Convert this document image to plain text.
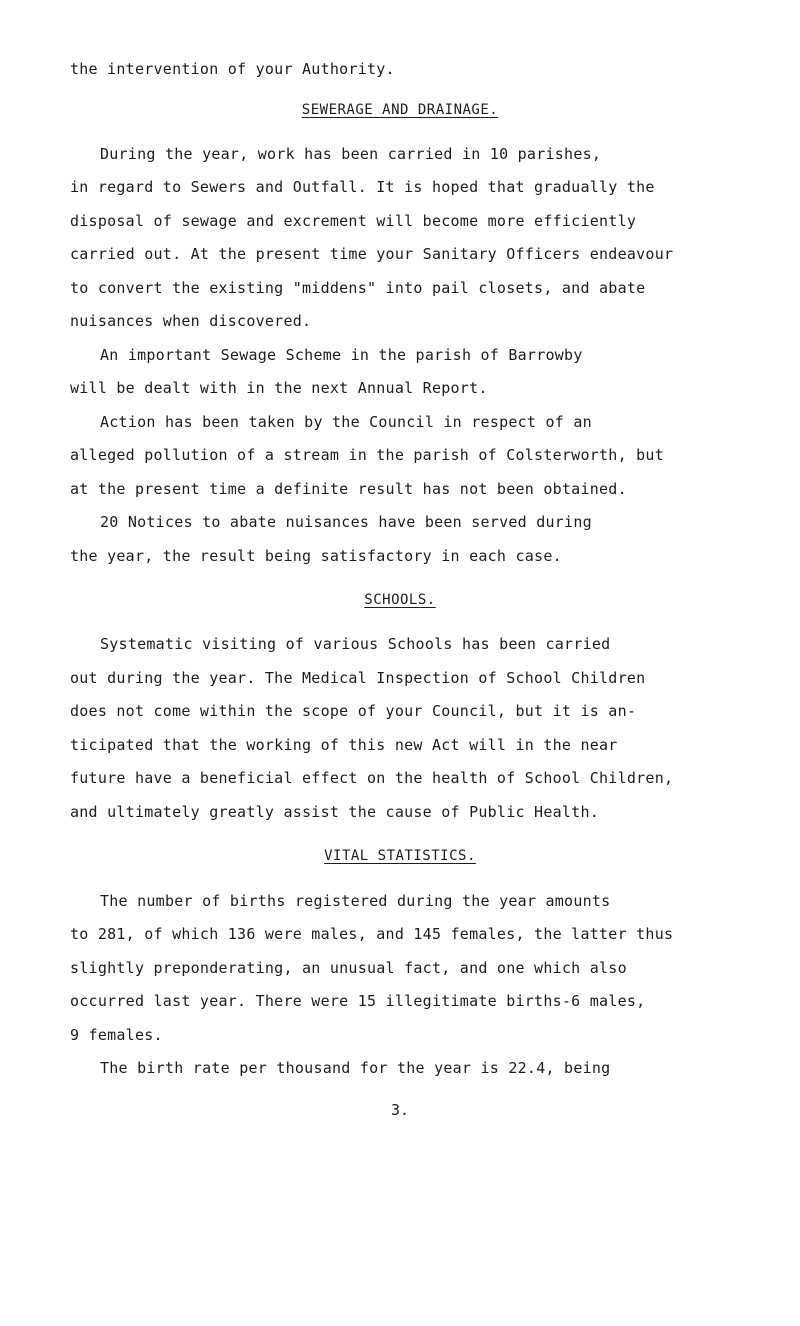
the intervention of your Authority.
SEWERAGE AND DRAINAGE.
During the year, work has been carried in 10 parishes,
in regard to Sewers and Outfall. It is hoped that gradually the
disposal of sewage and excrement will become more efficiently
carried out. At the present time your Sanitary Officers endeavour
to convert the existing "middens" into pail closets, and abate
nuisances when discovered.
An important Sewage Scheme in the parish of Barrowby
will be dealt with in the next Annual Report.
Action has been taken by the Council in respect of an
alleged pollution of a stream in the parish of Colsterworth, but
at the present time a definite result has not been obtained.
20 Notices to abate nuisances have been served during
the year, the result being satisfactory in each case.
SCHOOLS.
Systematic visiting of various Schools has been carried
out during the year. The Medical Inspection of School Children
does not come within the scope of your Council, but it is an-
ticipated that the working of this new Act will in the near
future have a beneficial effect on the health of School Children,
and ultimately greatly assist the cause of Public Health.
VITAL STATISTICS.
The number of births registered during the year amounts
to 281, of which 136 were males, and 145 females, the latter thus
slightly preponderating, an unusual fact, and one which also
occurred last year. There were 15 illegitimate births-6 males,
9 females.
The birth rate per thousand for the year is 22.4, being
3.
